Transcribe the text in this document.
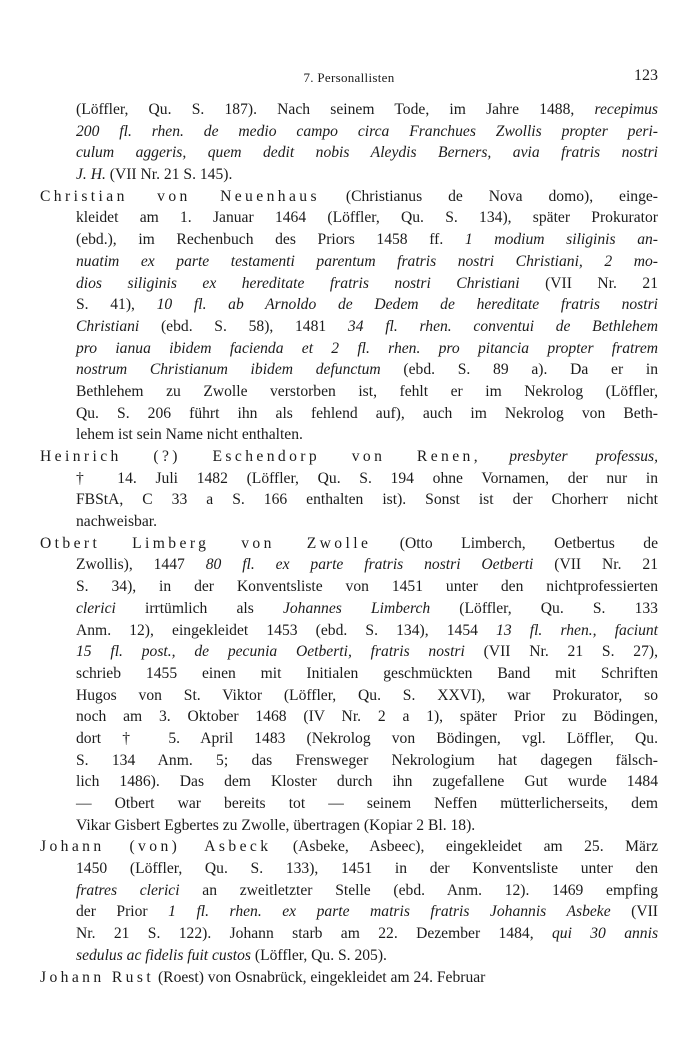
7. Personallisten	123
(Löffler, Qu. S. 187). Nach seinem Tode, im Jahre 1488, recepimus
200 fl. rhen. de medio campo circa Franchues Zwollis propter peri-
culum aggeris, quem dedit nobis Aleydis Berners, avia fratris nostri
J. H. (VII Nr. 21 S. 145).
Christian von Neuenhaus (Christianus de Nova domo), einge-
kleidet am 1. Januar 1464 (Löffler, Qu. S. 134), später Prokurator
(ebd.), im Rechenbuch des Priors 1458 ff. 1 modium siliginis an-
nuatim ex parte testamenti parentum fratris nostri Christiani, 2 mo-
dios siliginis ex hereditate fratris nostri Christiani (VII Nr. 21
S. 41), 10 fl. ab Arnoldo de Dedem de hereditate fratris nostri
Christiani (ebd. S. 58), 1481 34 fl. rhen. conventui de Bethlehem
pro ianua ibidem facienda et 2 fl. rhen. pro pitancia propter fratrem
nostrum Christianum ibidem defunctum (ebd. S. 89 a). Da er in
Bethlehem zu Zwolle verstorben ist, fehlt er im Nekrolog (Löffler,
Qu. S. 206 führt ihn als fehlend auf), auch im Nekrolog von Beth-
lehem ist sein Name nicht enthalten.
Heinrich (?) Eschendorp von Renen, presbyter professus,
† 14. Juli 1482 (Löffler, Qu. S. 194 ohne Vornamen, der nur in
FBStA, C 33 a S. 166 enthalten ist). Sonst ist der Chorherr nicht
nachweisbar.
Otbert Limberg von Zwolle (Otto Limberch, Oetbertus de
Zwollis), 1447 80 fl. ex parte fratris nostri Oetberti (VII Nr. 21
S. 34), in der Konventsliste von 1451 unter den nichtprofessierten
clerici irrtümlich als Johannes Limberch (Löffler, Qu. S. 133
Anm. 12), eingekleidet 1453 (ebd. S. 134), 1454 13 fl. rhen., faciunt
15 fl. post., de pecunia Oetberti, fratris nostri (VII Nr. 21 S. 27),
schrieb 1455 einen mit Initialen geschmückten Band mit Schriften
Hugos von St. Viktor (Löffler, Qu. S. XXVI), war Prokurator, so
noch am 3. Oktober 1468 (IV Nr. 2 a 1), später Prior zu Bödingen,
dort † 5. April 1483 (Nekrolog von Bödingen, vgl. Löffler, Qu.
S. 134 Anm. 5; das Frensweger Nekrologium hat dagegen fälsch-
lich 1486). Das dem Kloster durch ihn zugefallene Gut wurde 1484
— Otbert war bereits tot — seinem Neffen mütterlicherseits, dem
Vikar Gisbert Egbertes zu Zwolle, übertragen (Kopiar 2 Bl. 18).
Johann (von) Asbeck (Asbeke, Asbeec), eingekleidet am 25. März
1450 (Löffler, Qu. S. 133), 1451 in der Konventsliste unter den
fratres clerici an zweitletzter Stelle (ebd. Anm. 12). 1469 empfing
der Prior 1 fl. rhen. ex parte matris fratris Johannis Asbeke (VII
Nr. 21 S. 122). Johann starb am 22. Dezember 1484, qui 30 annis
sedulus ac fidelis fuit custos (Löffler, Qu. S. 205).
Johann Rust (Roest) von Osnabrück, eingekleidet am 24. Februar
